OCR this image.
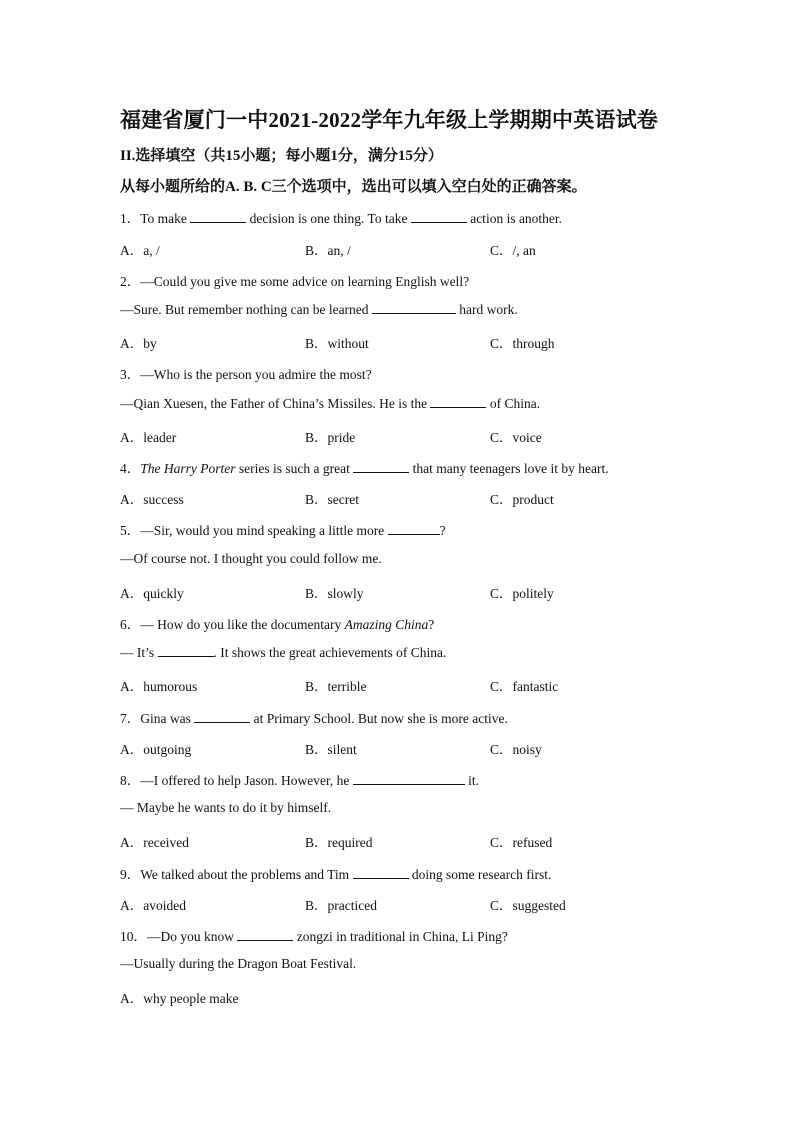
福建省厦门一中2021-2022学年九年级上学期期中英语试卷
II.选择填空（共15小题；每小题1分，满分15分）
从每小题所给的A. B. C三个选项中，选出可以填入空白处的正确答案。
1．To make	decision is one thing. To take	action is another.
A．a, /	B．an, /	C．/, an
2．—Could you give me some advice on learning English well?
—Sure. But remember nothing can be learned	hard work.
A．by	B．without	C．through
3．—Who is the person you admire the most?
—Qian Xuesen, the Father of China’s Missiles. He is the	of China.
A．leader	B．pride	C．voice
4．The Harry Porter series is such a great	that many teenagers love it by heart.
A．success	B．secret	C．product
5．—Sir, would you mind speaking a little more	?
—Of course not. I thought you could follow me.
A．quickly	B．slowly	C．politely
6．— How do you like the documentary Amazing China?
— It’s	. It shows the great achievements of China.
A．humorous	B．terrible	C．fantastic
7．Gina was	at Primary School. But now she is more active.
A．outgoing	B．silent	C．noisy
8．—I offered to help Jason. However, he	it.
— Maybe he wants to do it by himself.
A．received	B．required	C．refused
9．We talked about the problems and Tim	doing some research first.
A．avoided	B．practiced	C．suggested
10．—Do you know	zongzi in traditional in China, Li Ping?
—Usually during the Dragon Boat Festival.
A．why people make
